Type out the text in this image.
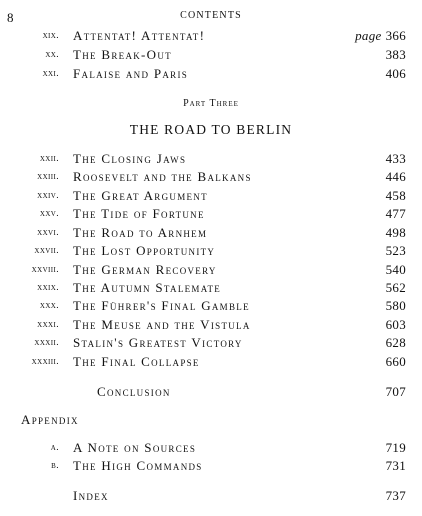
8	CONTENTS
xix. Attentat! Attentat!	page 366
xx. The Break-Out	383
xxi. Falaise and Paris	406
Part Three
THE ROAD TO BERLIN
xxii. The Closing Jaws	433
xxiii. Roosevelt and the Balkans	446
xxiv. The Great Argument	458
xxv. The Tide of Fortune	477
xxvi. The Road to Arnhem	498
xxvii. The Lost Opportunity	523
xxviii. The German Recovery	540
xxix. The Autumn Stalemate	562
xxx. The Führer's Final Gamble	580
xxxi. The Meuse and the Vistula	603
xxxii. Stalin's Greatest Victory	628
xxxiii. The Final Collapse	660
Conclusion	707
Appendix
a. A Note on Sources	719
b. The High Commands	731
Index	737
